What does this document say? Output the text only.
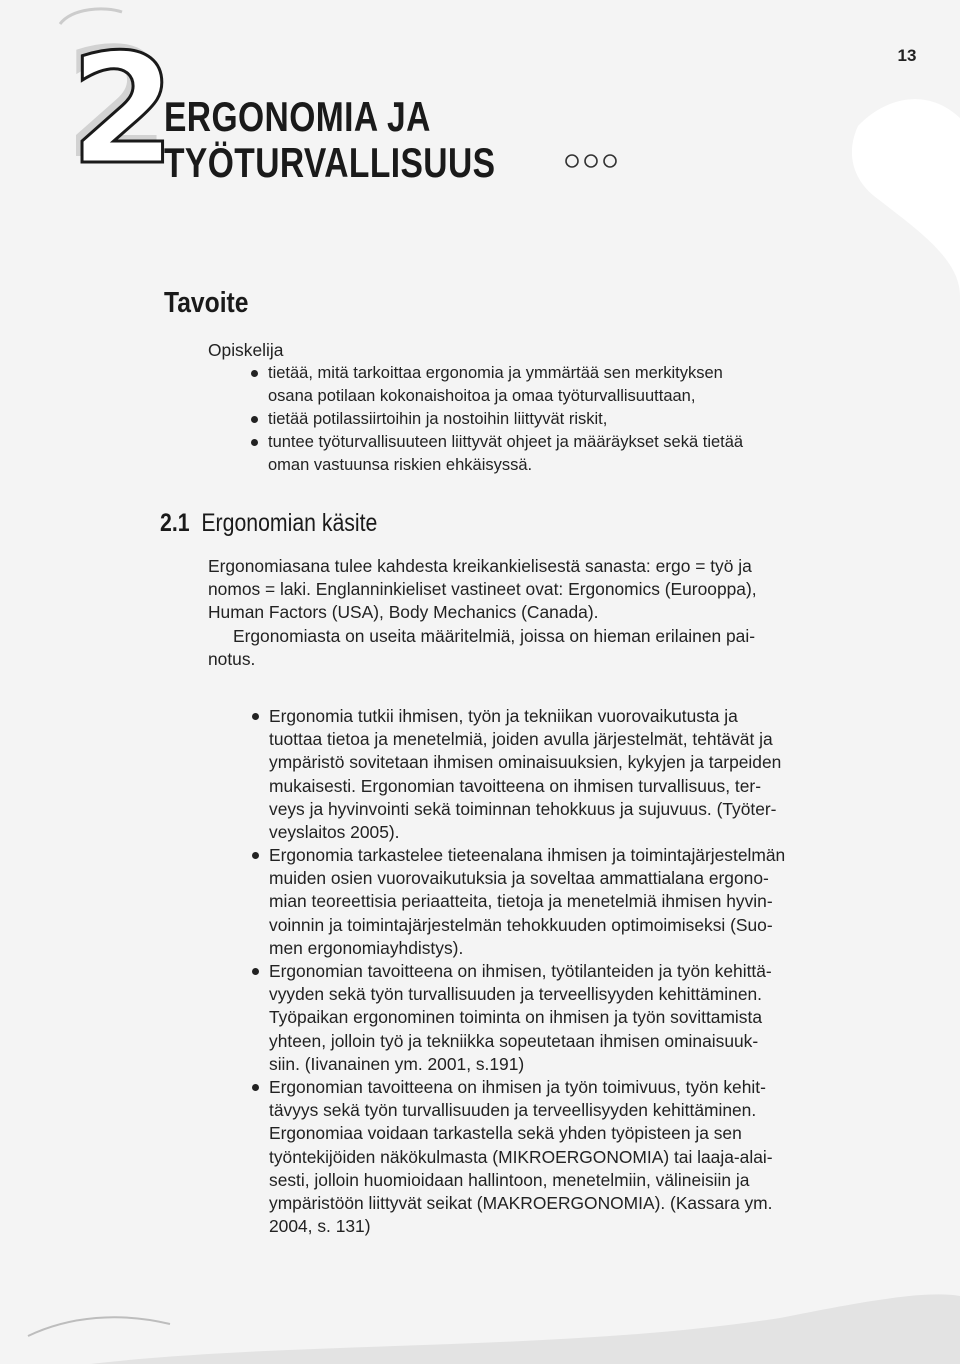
13
2
ERGONOMIA JA
TYÖTURVALLISUUS
Tavoite
Opiskelija
tietää, mitä tarkoittaa ergonomia ja ymmärtää sen merkityksen
osana potilaan kokonaishoitoa ja omaa työturvallisuuttaan,
tietää potilassiirtoihin ja nostoihin liittyvät riskit,
tuntee työturvallisuuteen liittyvät ohjeet ja määräykset sekä tietää
oman vastuunsa riskien ehkäisyssä.
2.1 Ergonomian käsite
Ergonomiasana tulee kahdesta kreikankielisestä sanasta: ergo = työ ja
nomos = laki. Englanninkieliset vastineet ovat: Ergonomics (Eurooppa),
Human Factors (USA), Body Mechanics (Canada).
Ergonomiasta on useita määritelmiä, joissa on hieman erilainen pai-
notus.
Ergonomia tutkii ihmisen, työn ja tekniikan vuorovaikutusta ja
tuottaa tietoa ja menetelmiä, joiden avulla järjestelmät, tehtävät ja
ympäristö sovitetaan ihmisen ominaisuuksien, kykyjen ja tarpeiden
mukaisesti. Ergonomian tavoitteena on ihmisen turvallisuus, ter-
veys ja hyvinvointi sekä toiminnan tehokkuus ja sujuvuus. (Työter-
veyslaitos 2005).
Ergonomia tarkastelee tieteenalana ihmisen ja toimintajärjestelmän
muiden osien vuorovaikutuksia ja soveltaa ammattialana ergono-
mian teoreettisia periaatteita, tietoja ja menetelmiä ihmisen hyvin-
voinnin ja toimintajärjestelmän tehokkuuden optimoimiseksi (Suo-
men ergonomiayhdistys).
Ergonomian tavoitteena on ihmisen, työtilanteiden ja työn kehittä-
vyyden sekä työn turvallisuuden ja terveellisyyden kehittäminen.
Työpaikan ergonominen toiminta on ihmisen ja työn sovittamista
yhteen, jolloin työ ja tekniikka sopeutetaan ihmisen ominaisuuk-
siin. (Iivanainen ym. 2001, s.191)
Ergonomian tavoitteena on ihmisen ja työn toimivuus, työn kehit-
tävyys sekä työn turvallisuuden ja terveellisyyden kehittäminen.
Ergonomiaa voidaan tarkastella sekä yhden työpisteen ja sen
työntekijöiden näkökulmasta (MIKROERGONOMIA) tai laaja-alai-
sesti, jolloin huomioidaan hallintoon, menetelmiin, välineisiin ja
ympäristöön liittyvät seikat (MAKROERGONOMIA). (Kassara ym.
2004, s. 131)
